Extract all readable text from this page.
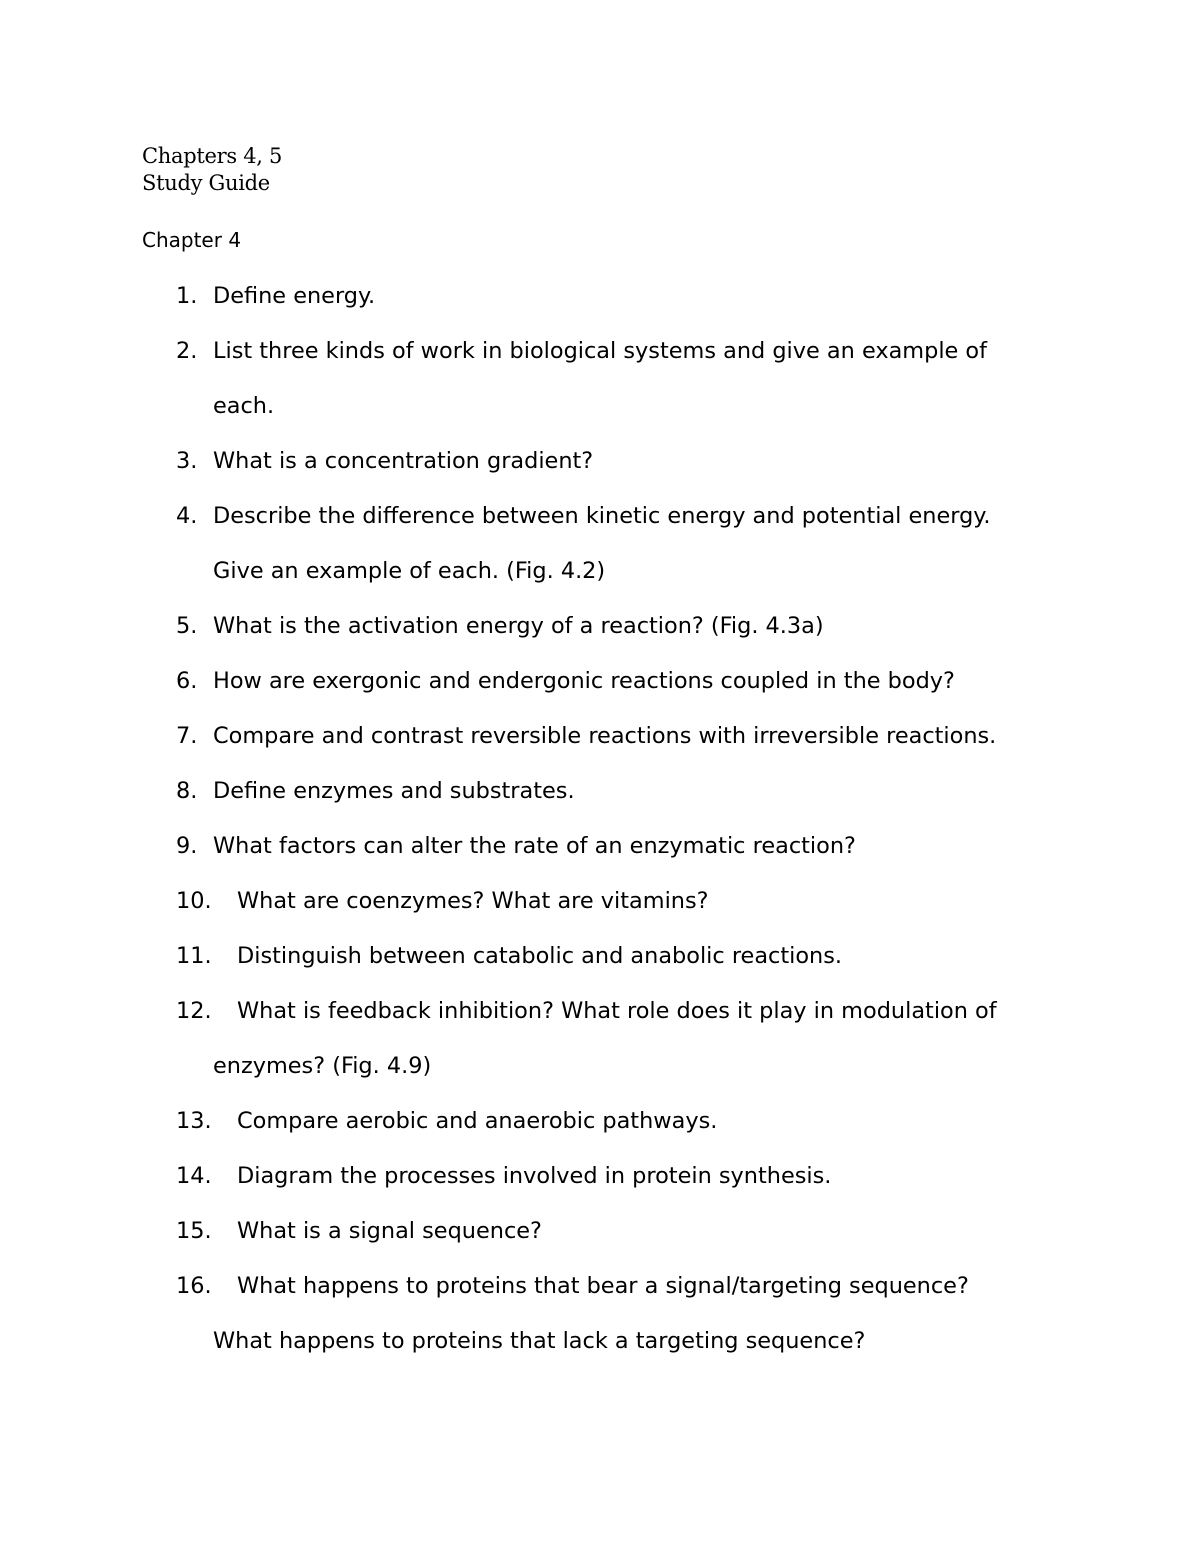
Chapters 4, 5
Study Guide
Chapter 4
1. Define energy.
2. List three kinds of work in biological systems and give an example of
each.
3. What is a concentration gradient?
4. Describe the difference between kinetic energy and potential energy.
Give an example of each. (Fig. 4.2)
5. What is the activation energy of a reaction? (Fig. 4.3a)
6. How are exergonic and endergonic reactions coupled in the body?
7. Compare and contrast reversible reactions with irreversible reactions.
8. Define enzymes and substrates.
9. What factors can alter the rate of an enzymatic reaction?
10. What are coenzymes? What are vitamins?
11. Distinguish between catabolic and anabolic reactions.
12. What is feedback inhibition? What role does it play in modulation of
enzymes? (Fig. 4.9)
13. Compare aerobic and anaerobic pathways.
14. Diagram the processes involved in protein synthesis.
15. What is a signal sequence?
16. What happens to proteins that bear a signal/targeting sequence?
What happens to proteins that lack a targeting sequence?
